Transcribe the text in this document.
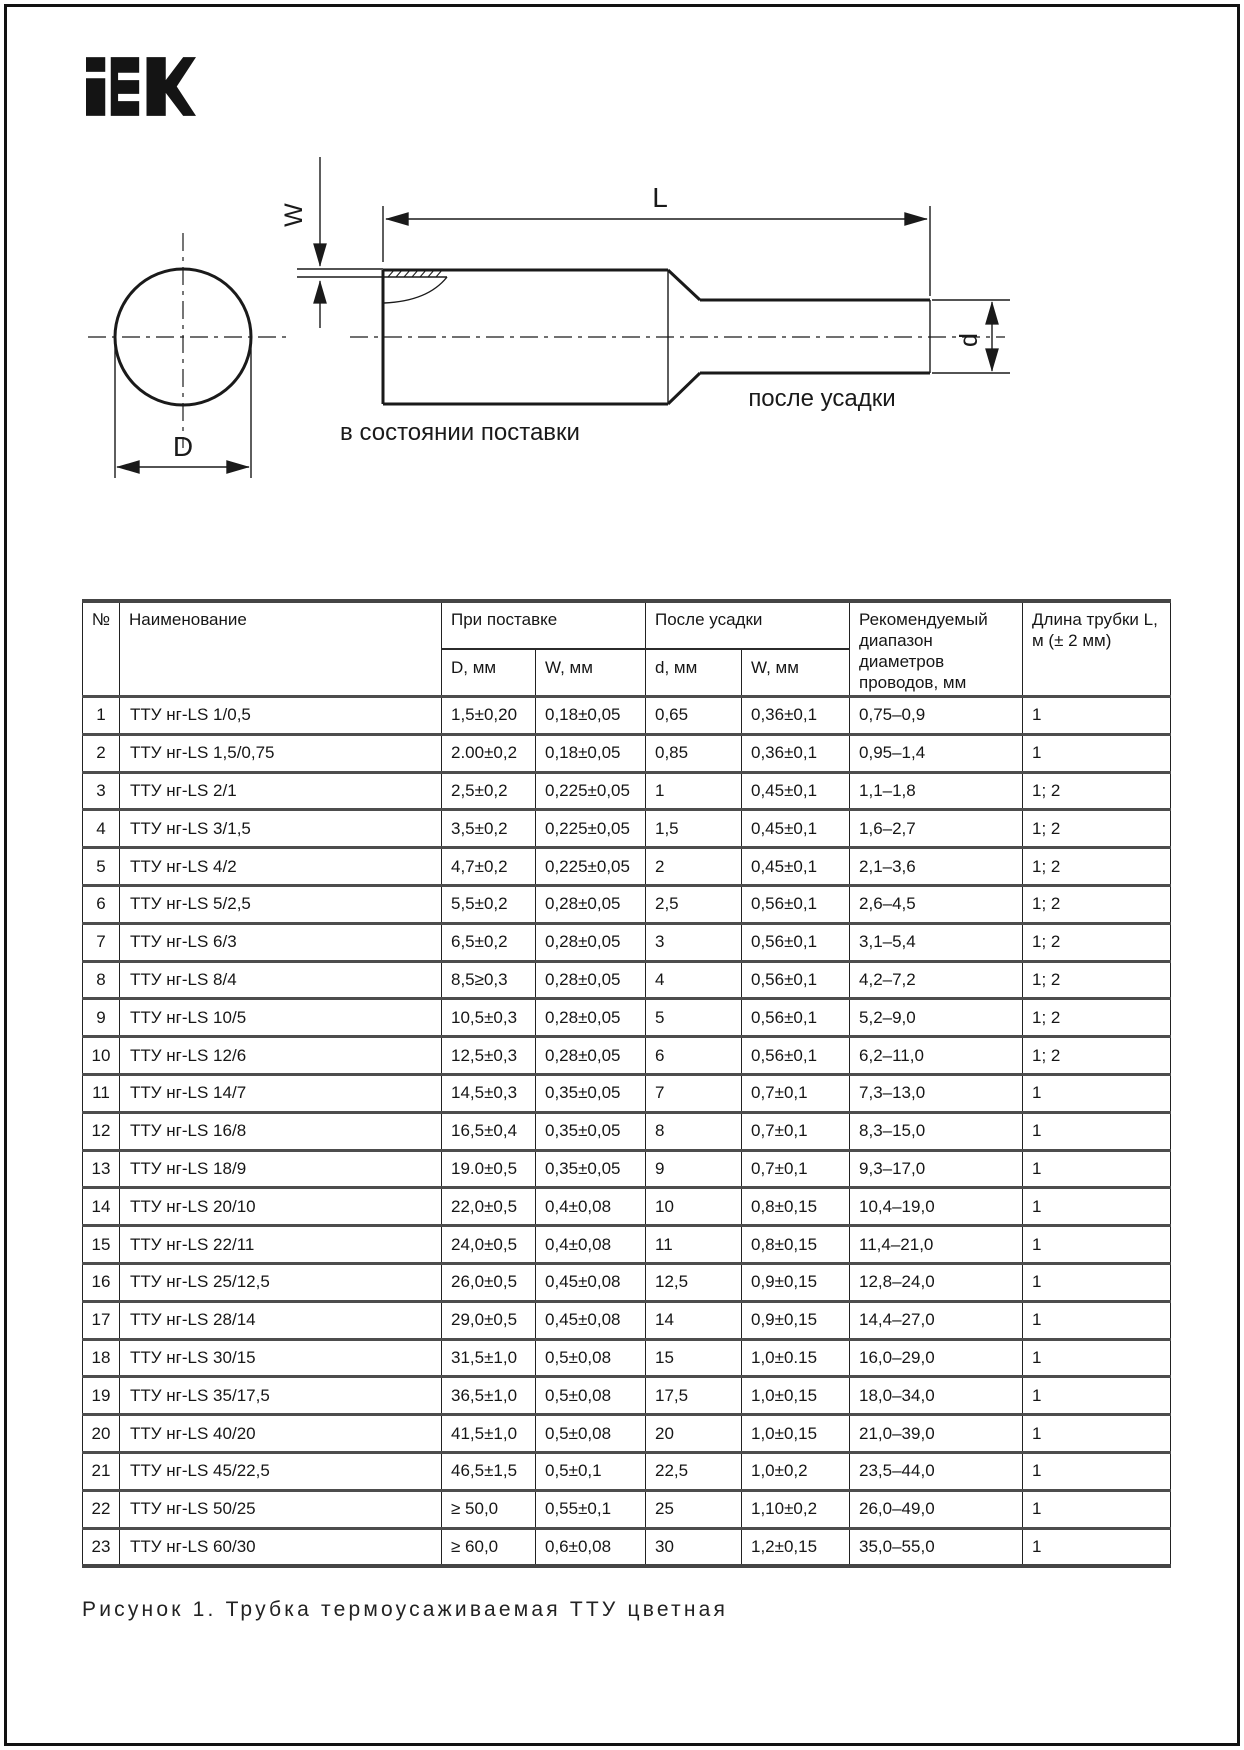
D
W
L
d
в состоянии поставки
после усадки
№	Наименование	При поставке		После усадки		Рекомендуемый диапазон диаметров проводов, мм	Длина трубки L, м (± 2 мм)
		D, мм	W, мм	d, мм	W, мм		
1	ТТУ нг-LS 1/0,5	1,5±0,20	0,18±0,05	0,65	0,36±0,1	0,75–0,9	1
2	ТТУ нг-LS 1,5/0,75	2.00±0,2	0,18±0,05	0,85	0,36±0,1	0,95–1,4	1
3	ТТУ нг-LS 2/1	2,5±0,2	0,225±0,05	1	0,45±0,1	1,1–1,8	1; 2
4	ТТУ нг-LS 3/1,5	3,5±0,2	0,225±0,05	1,5	0,45±0,1	1,6–2,7	1; 2
5	ТТУ нг-LS 4/2	4,7±0,2	0,225±0,05	2	0,45±0,1	2,1–3,6	1; 2
6	ТТУ нг-LS 5/2,5	5,5±0,2	0,28±0,05	2,5	0,56±0,1	2,6–4,5	1; 2
7	ТТУ нг-LS 6/3	6,5±0,2	0,28±0,05	3	0,56±0,1	3,1–5,4	1; 2
8	ТТУ нг-LS 8/4	8,5≥0,3	0,28±0,05	4	0,56±0,1	4,2–7,2	1; 2
9	ТТУ нг-LS 10/5	10,5±0,3	0,28±0,05	5	0,56±0,1	5,2–9,0	1; 2
10	ТТУ нг-LS 12/6	12,5±0,3	0,28±0,05	6	0,56±0,1	6,2–11,0	1; 2
11	ТТУ нг-LS 14/7	14,5±0,3	0,35±0,05	7	0,7±0,1	7,3–13,0	1
12	ТТУ нг-LS 16/8	16,5±0,4	0,35±0,05	8	0,7±0,1	8,3–15,0	1
13	ТТУ нг-LS 18/9	19.0±0,5	0,35±0,05	9	0,7±0,1	9,3–17,0	1
14	ТТУ нг-LS 20/10	22,0±0,5	0,4±0,08	10	0,8±0,15	10,4–19,0	1
15	ТТУ нг-LS 22/11	24,0±0,5	0,4±0,08	11	0,8±0,15	11,4–21,0	1
16	ТТУ нг-LS 25/12,5	26,0±0,5	0,45±0,08	12,5	0,9±0,15	12,8–24,0	1
17	ТТУ нг-LS 28/14	29,0±0,5	0,45±0,08	14	0,9±0,15	14,4–27,0	1
18	ТТУ нг-LS 30/15	31,5±1,0	0,5±0,08	15	1,0±0.15	16,0–29,0	1
19	ТТУ нг-LS 35/17,5	36,5±1,0	0,5±0,08	17,5	1,0±0,15	18,0–34,0	1
20	ТТУ нг-LS 40/20	41,5±1,0	0,5±0,08	20	1,0±0,15	21,0–39,0	1
21	ТТУ нг-LS 45/22,5	46,5±1,5	0,5±0,1	22,5	1,0±0,2	23,5–44,0	1
22	ТТУ нг-LS 50/25	≥ 50,0	0,55±0,1	25	1,10±0,2	26,0–49,0	1
23	ТТУ нг-LS 60/30	≥ 60,0	0,6±0,08	30	1,2±0,15	35,0–55,0	1
Рисунок 1. Трубка термоусаживаемая ТТУ цветная
